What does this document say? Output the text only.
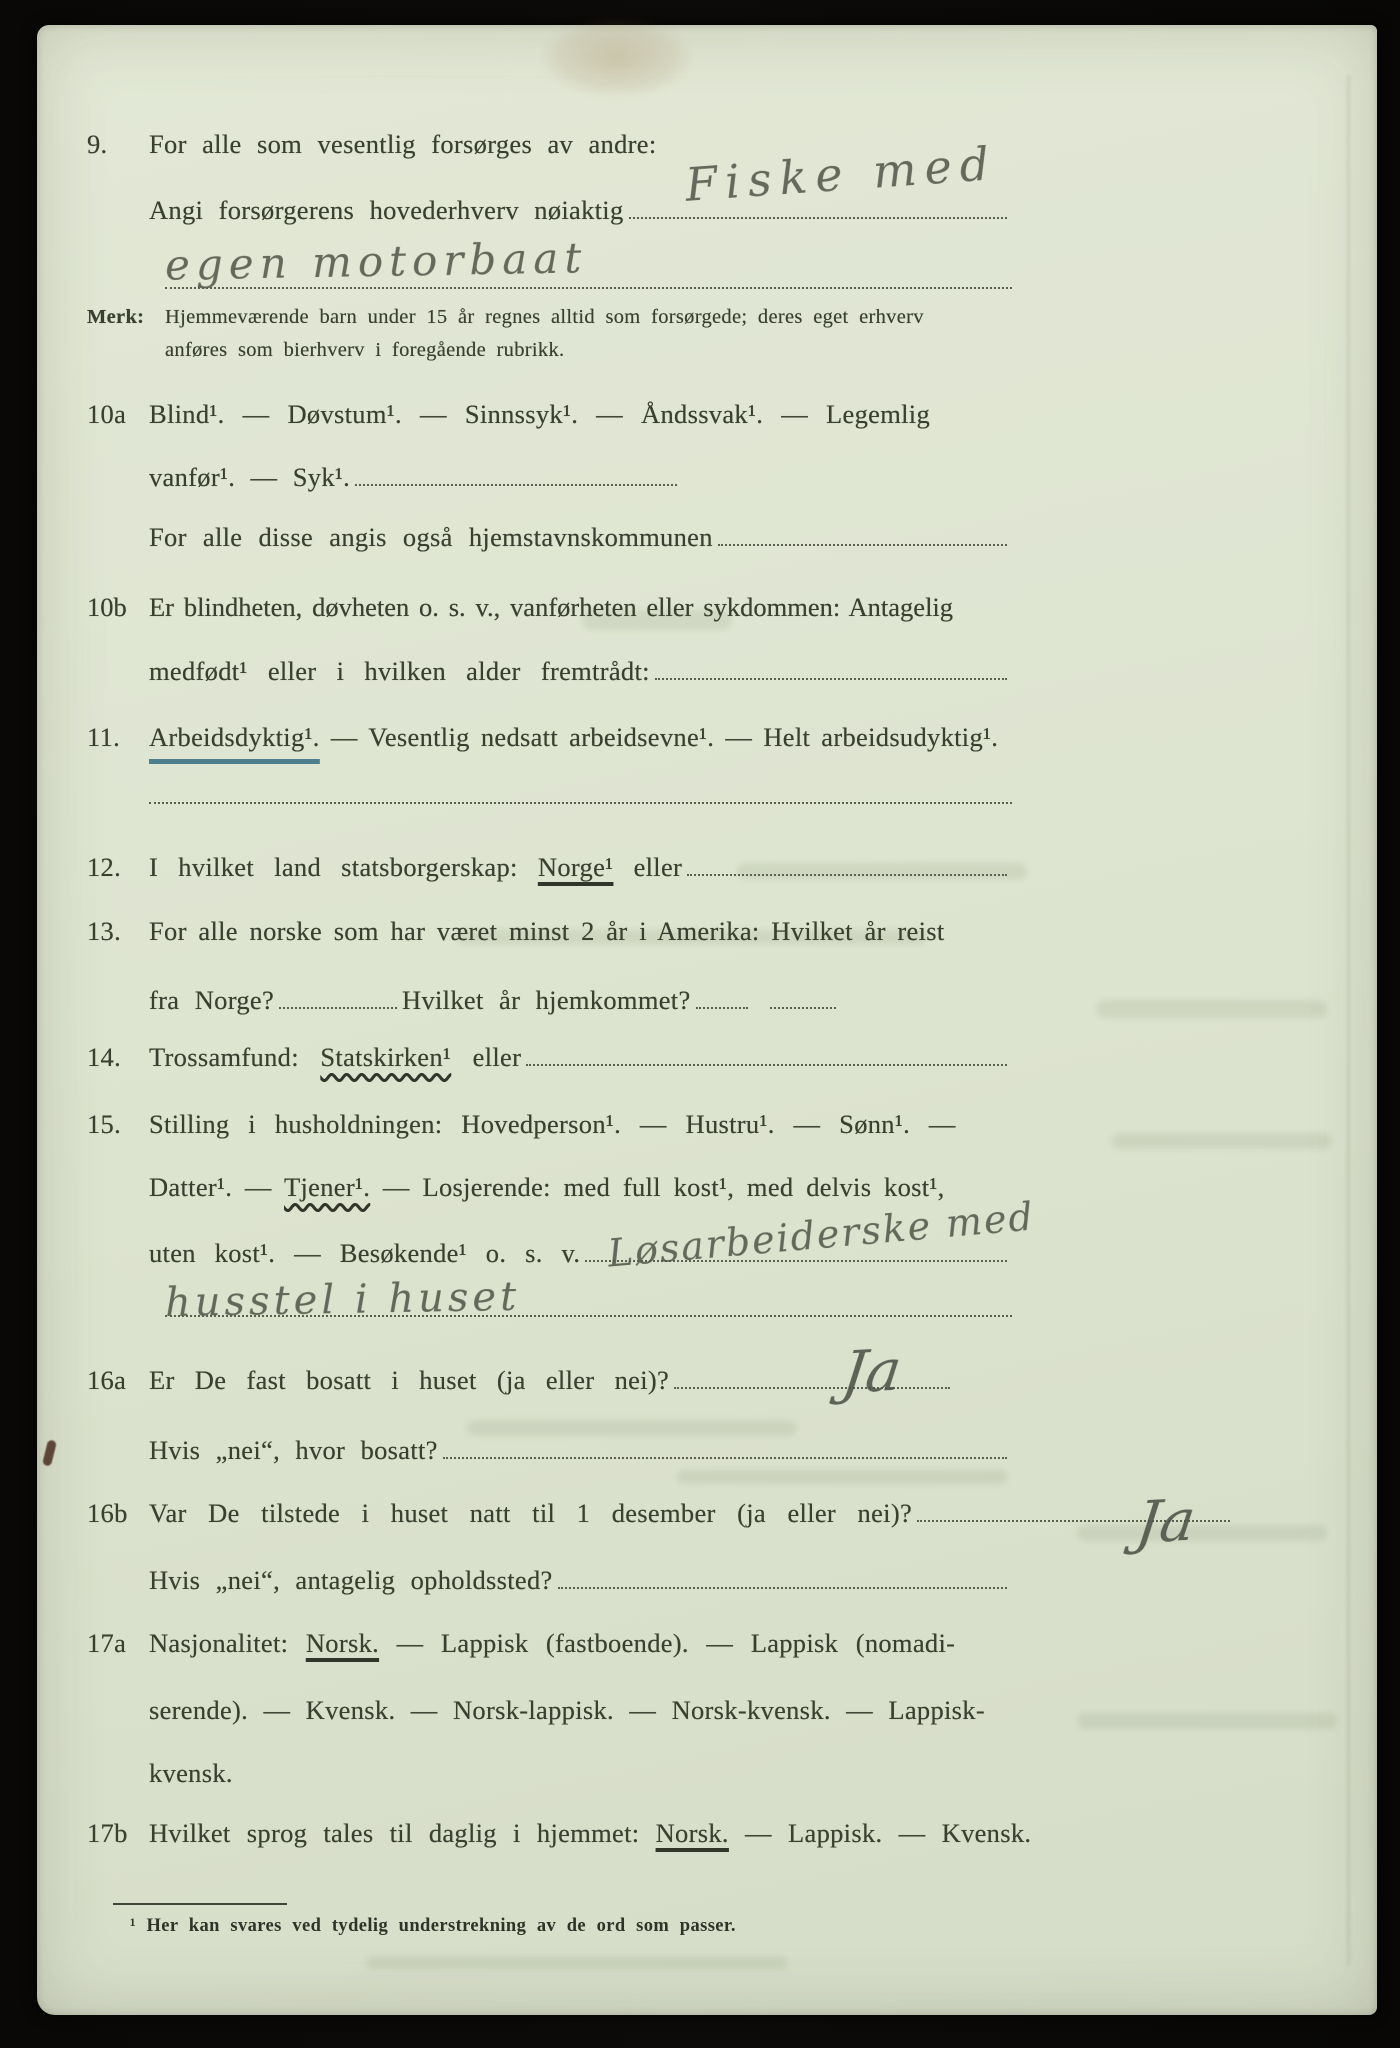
9.	For alle som vesentlig forsørges av andre:
Angi forsørgerens hovederhverv nøiaktig Fiske med
egen motorbaat
Merk:	Hjemmeværende barn under 15 år regnes alltid som forsørgede; deres eget erhverv
anføres som bierhverv i foregående rubrikk.
10a Blind¹. — Døvstum¹. — Sinnssyk¹. — Åndssvak¹. — Legemlig
vanfør¹. — Syk¹.
For alle disse angis også hjemstavnskommunen
10b Er blindheten, døvheten o. s. v., vanførheten eller sykdommen: Antagelig
medfødt¹ eller i hvilken alder fremtrådt:
11.	Arbeidsdyktig¹. — Vesentlig nedsatt arbeidsevne¹. — Helt arbeidsudyktig¹.
12.	I hvilket land statsborgerskap: Norge¹ eller
13.	For alle norske som har været minst 2 år i Amerika: Hvilket år reist
fra Norge?	Hvilket år hjemkommet?
14.	Trossamfund: Statskirken¹ eller
15.	Stilling i husholdningen: Hovedperson¹. — Hustru¹. — Sønn¹. —
Datter¹. — Tjener¹. — Losjerende: med full kost¹, med delvis kost¹,
uten kost¹. — Besøkende¹ o. s. v. Løsarbeiderske med
husstel i huset
16a Er De fast bosatt i huset (ja eller nei)?	Ja
Hvis „nei“, hvor bosatt?
16b Var De tilstede i huset natt til 1 desember (ja eller nei)?	Ja
Hvis „nei“, antagelig opholdssted?
17a Nasjonalitet: Norsk. — Lappisk (fastboende). — Lappisk (nomadi-
serende). — Kvensk. — Norsk-lappisk. — Norsk-kvensk. — Lappisk-
kvensk.
17b Hvilket sprog tales til daglig i hjemmet: Norsk. — Lappisk. — Kvensk.
¹ Her kan svares ved tydelig understrekning av de ord som passer.
